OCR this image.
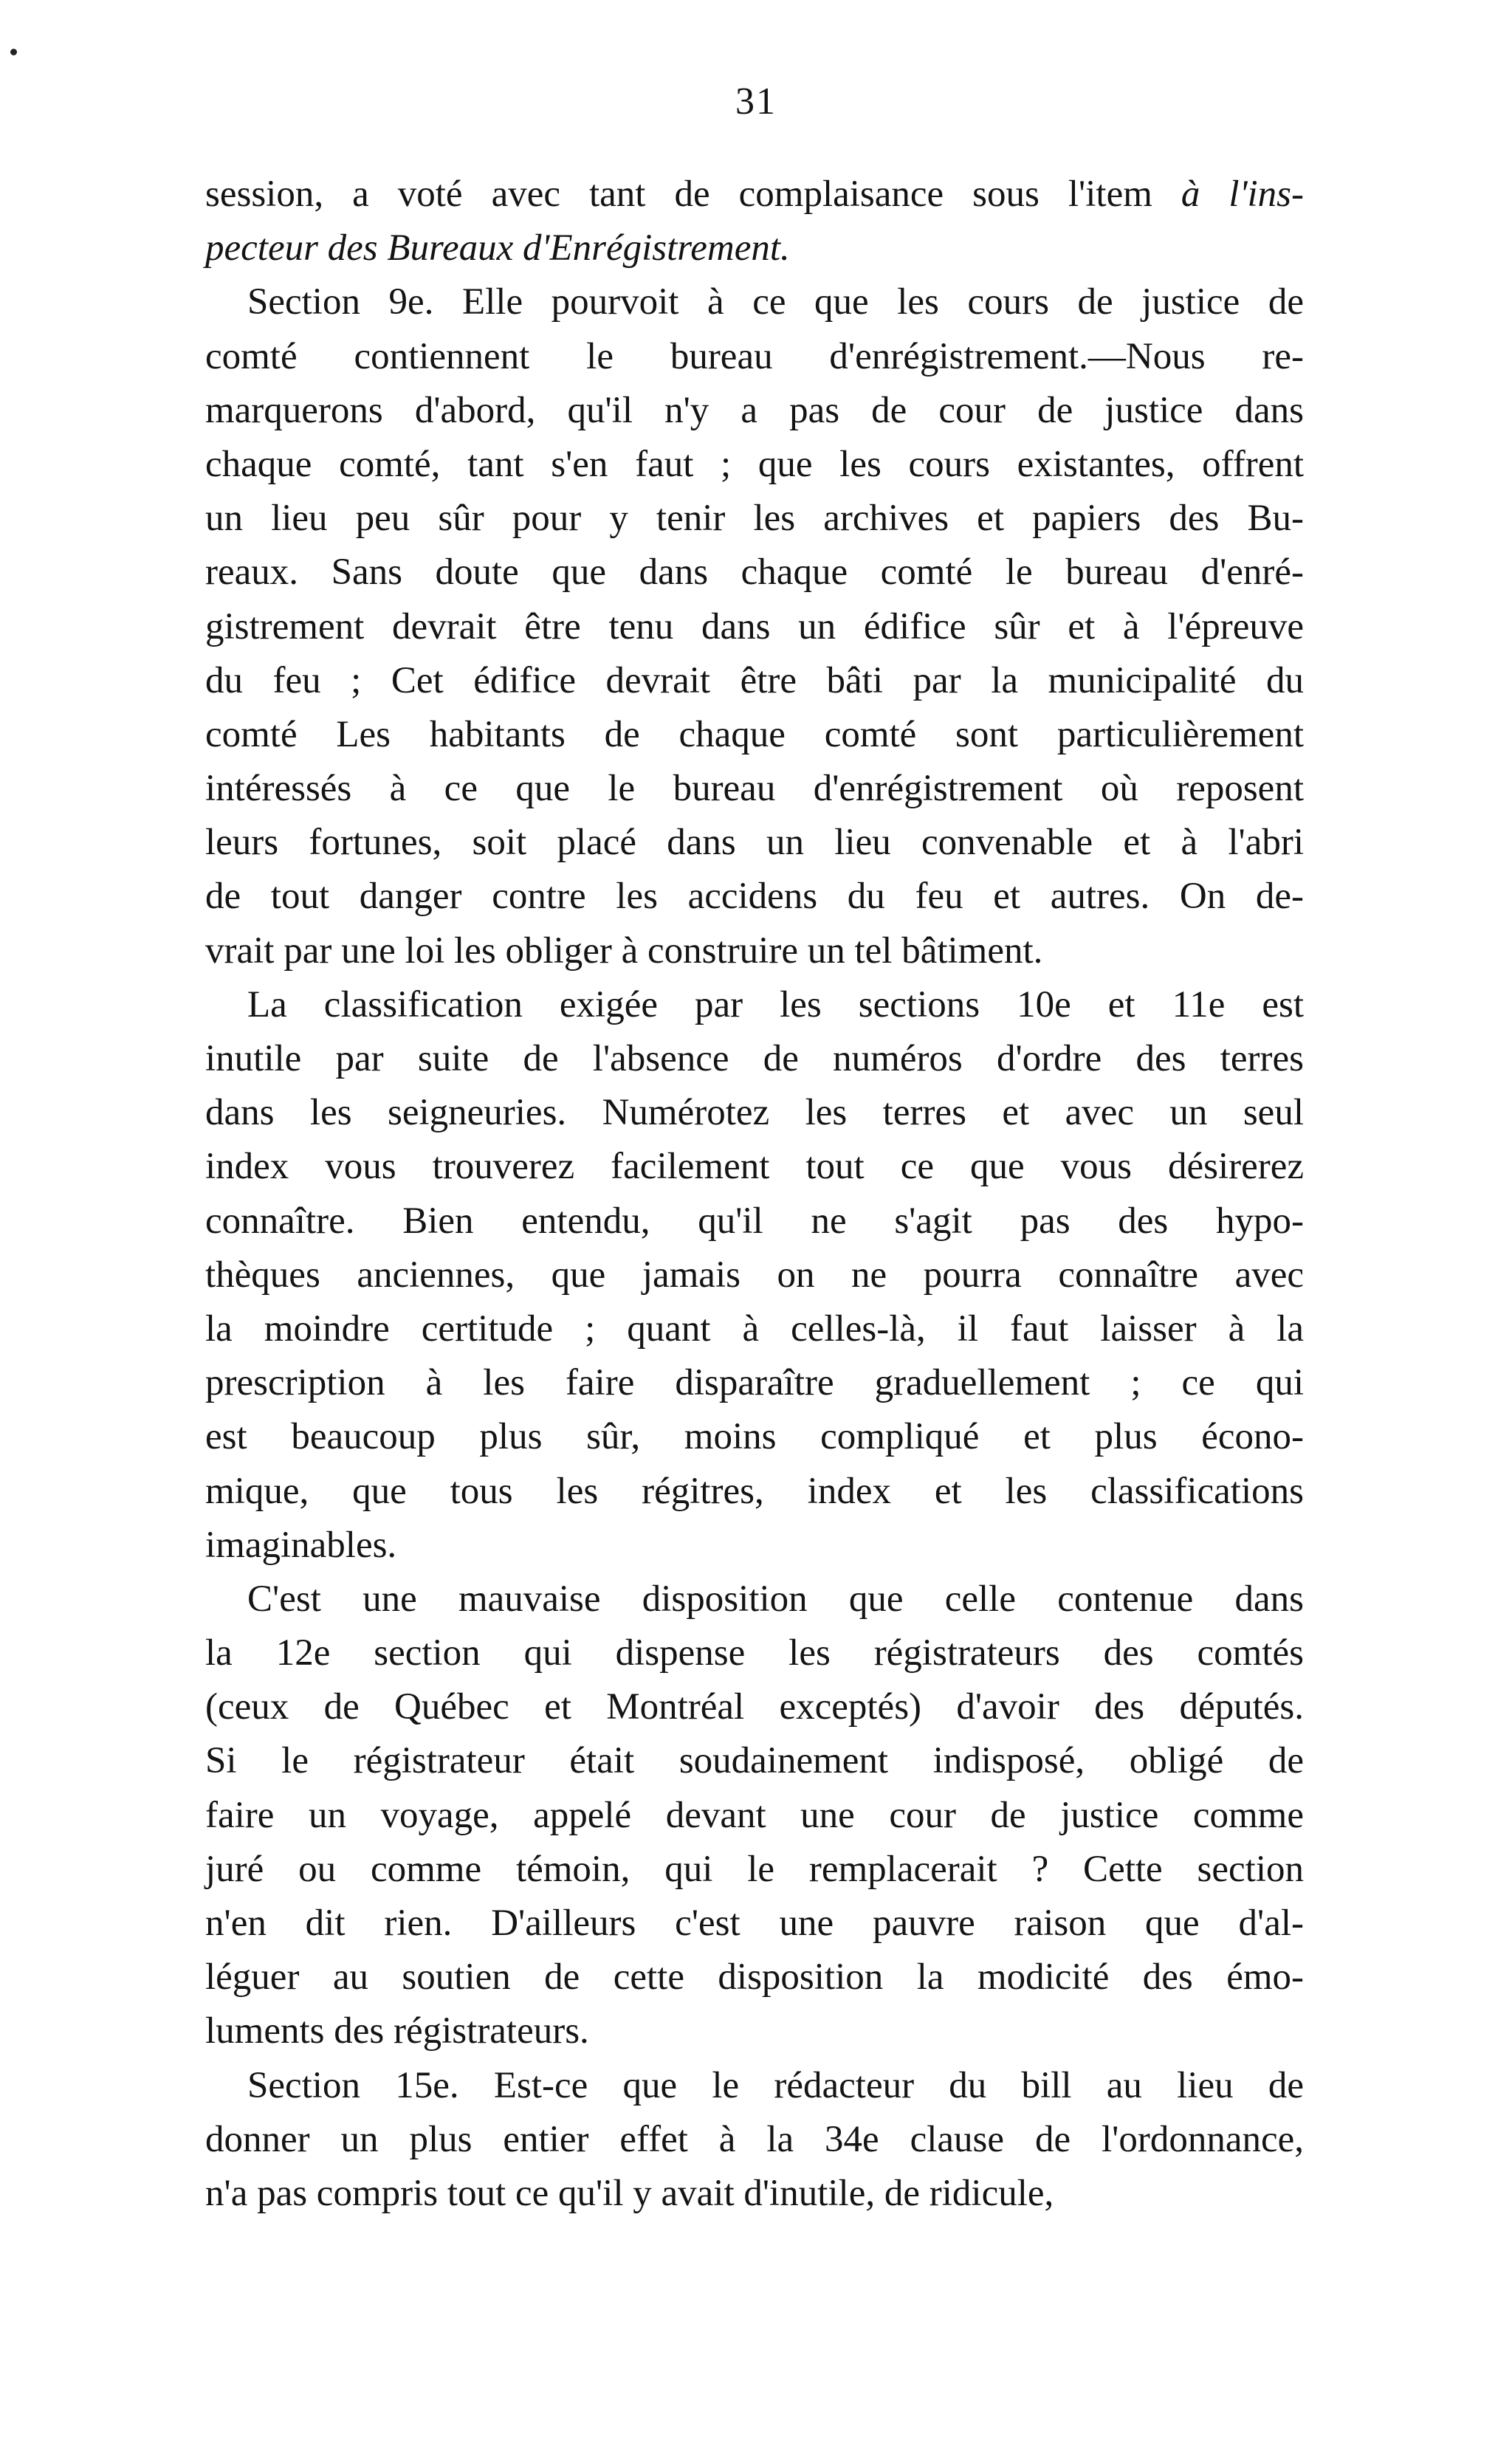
31
session, a voté avec tant de complaisance sous l'item à l'ins-
pecteur des Bureaux d'Enrégistrement.
Section 9e. Elle pourvoit à ce que les cours de justice de
comté contiennent le bureau d'enrégistrement.—Nous re-
marquerons d'abord, qu'il n'y a pas de cour de justice dans
chaque comté, tant s'en faut ; que les cours existantes, offrent
un lieu peu sûr pour y tenir les archives et papiers des Bu-
reaux. Sans doute que dans chaque comté le bureau d'enré-
gistrement devrait être tenu dans un édifice sûr et à l'épreuve
du feu ; Cet édifice devrait être bâti par la municipalité du
comté Les habitants de chaque comté sont particulièrement
intéressés à ce que le bureau d'enrégistrement où reposent
leurs fortunes, soit placé dans un lieu convenable et à l'abri
de tout danger contre les accidens du feu et autres. On de-
vrait par une loi les obliger à construire un tel bâtiment.
La classification exigée par les sections 10e et 11e est
inutile par suite de l'absence de numéros d'ordre des terres
dans les seigneuries. Numérotez les terres et avec un seul
index vous trouverez facilement tout ce que vous désirerez
connaître. Bien entendu, qu'il ne s'agit pas des hypo-
thèques anciennes, que jamais on ne pourra connaître avec
la moindre certitude ; quant à celles-là, il faut laisser à la
prescription à les faire disparaître graduellement ; ce qui
est beaucoup plus sûr, moins compliqué et plus écono-
mique, que tous les régitres, index et les classifications
imaginables.
C'est une mauvaise disposition que celle contenue dans
la 12e section qui dispense les régistrateurs des comtés
(ceux de Québec et Montréal exceptés) d'avoir des députés.
Si le régistrateur était soudainement indisposé, obligé de
faire un voyage, appelé devant une cour de justice comme
juré ou comme témoin, qui le remplacerait ? Cette section
n'en dit rien. D'ailleurs c'est une pauvre raison que d'al-
léguer au soutien de cette disposition la modicité des émo-
luments des régistrateurs.
Section 15e. Est-ce que le rédacteur du bill au lieu de
donner un plus entier effet à la 34e clause de l'ordonnance,
n'a pas compris tout ce qu'il y avait d'inutile, de ridicule,
